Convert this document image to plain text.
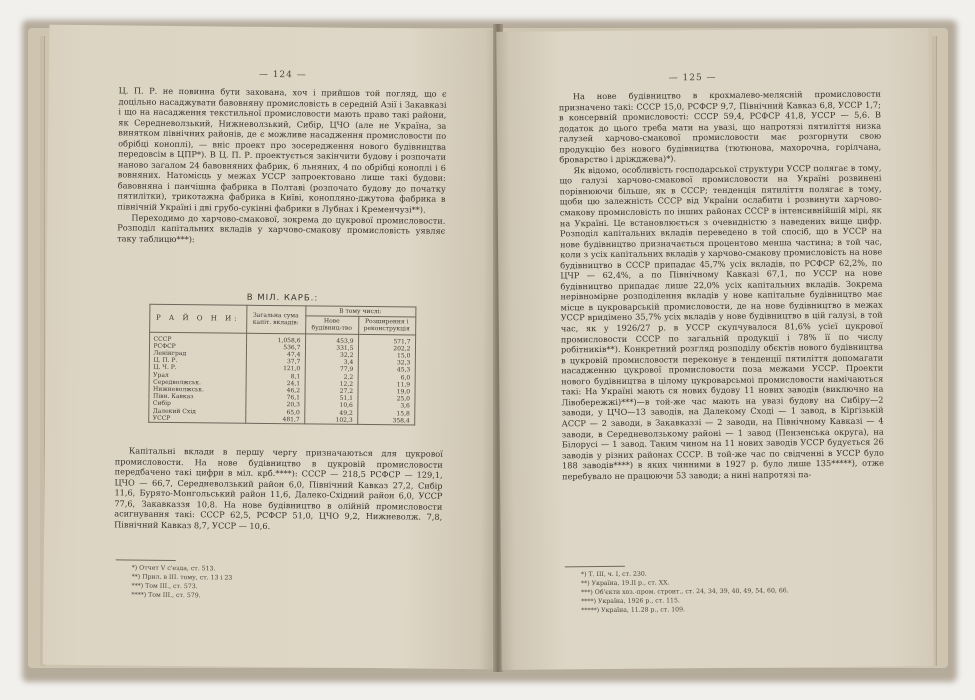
— 124 —

Ц. П. Р. не повинна бути захована, хоч і прийшов той погляд, що є доцільно насаджувати бавовняну промисловість в середній Азії і Закавказі і що на насадження текстильної промисловости мають право такі райони, як Середневолзький, Нижневолзький, Сибір, ЦЧО (але не Україна, за винятком північних районів, де є можливе насадження промисловости по обрібці коноплі), — вніс проект про зосередження нового будівництва передовсім в ЦПР*). В Ц. П. Р. проектується закінчити будову і розпочати наново загалом 24 бавовняних фабрик, 6 льняних, 4 по обрібці коноплі і 6 вовняних. Натомісць у межах УССР запроектовано лише такі будови: бавовняна і панчішна фабрика в Полтаві (розпочато будову до початку пятилітки), трикотажна фабрика в Київі, конопляно-джутова фабрика в північній Україні і дві грубо-сукінні фабрики в Лубнах і Кременчузі**).

Переходимо до харчово-смакової, зокрема до цукрової промисловости. Розподіл капітальних вкладів у харчово-смакову промисловість уявляє таку таблицю***):

В МІЛ. КАРБ.:
Р А Й О Н И:	Загальна сума капіт. вкладів:	В тому числі:	
		Нове будівниц-тво	Розширення і реконструкція
СССР	1,058,6	453,9	571,7
РСФСР	536,7	331,5	202,2
Ленінград	47,4	32,2	15,0
Ц. П. Р.	37,7	3,4	32,3
Ц. Ч. Р.	121,0	77,9	45,3
Урал	8,1	2,2	6,0
Середволжськ.	24,1	12,2	11,9
Нижневолжськ.	46,2	27,2	19,0
Півн. Кавказ	76,1	51,1	25,0
Сибір	20,3	10,6	3,6
Далекий Схід	65,0	49,2	15,8
УССР	481,7	102,3	358,4

Капітальні вклади в першу чергу призначаються для цукрової промисловости. На нове будівництво в цукровій промисловости передбачено такі цифри в міл. крб.****): СССР — 218,5 РСФСР — 129,1, ЦЧО — 66,7, Середневолзький район 6,0, Північний Кавказ 27,2, Сибір 11,6, Бурято-Монгольський район 11,6, Далеко-Східний район 6,0, УССР 77,6, Закавказзя 10,8. На нове будівництво в олійній промисловости асигнування такі: СССР 62,5, РСФСР 51,0, ЦЧО 9,2, Нижневолж. 7,8, Північний Кавказ 8,7, УССР — 10,6.

*) Отчет V с'езда, ст. 513.
**) Прил. в III. тому, ст. 13 і 23
***) Том III., ст. 573.
****) Том III., ст. 579.
— 125 —

На нове будівництво в крохмалево-мелясній промисловости призначено такі: СССР 15,0, РСФСР 9,7, Північний Кавказ 6,8, УССР 1,7; в консервній промисловості: СССР 59,4, РСФСР 41,8, УССР — 5,6. В додаток до цього треба мати на увазі, що напротязі пятиліття низка галузей харчово-смакової промисловости має розгорнути свою продукцію без нового будівництва (тютюнова, махорочна, горілчана, броварство і дріжджева)*).

Як відомо, особливість господарської структури УССР полягає в тому, що галузі харчово-смакової промисловости на Україні розвинені порівнюючи більше, як в СССР; тенденція пятиліття полягає в тому, щоби цю залежність СССР від України ослабити і розвинути харчово-смакову промисловість по інших районах СССР в інтенсивнійшій мірі, як на Україні. Це встановлюється з очевидністю з наведених вище цифр. Розподіл капітальних вкладів переведено в той спосіб, що в УССР на нове будівництво призначається процентово менша частина; в той час, коли з усіх капітальних вкладів у харчово-смакову промисловість на нове будівництво в СССР припадає 45,7% усіх вкладів, по РСФСР 62,2%, по ЦЧР — 62,4%, а по Північному Кавказі 67,1, по УССР на нове будівництво припадає лише 22,0% усіх капітальних вкладів. Зокрема нерівномірне розподілення вкладів у нове капітальне будівництво має місце в цукроварській промисловости, де на нове будівництво в межах УССР вридімено 35,7% усіх вкладів у нове будівництво в цій галузі, в той час, як у 1926/27 р. в УССР скупчувалося 81,6% усієї цукрової промисловости СССР по загальній продукції і 78% її по числу робітників**). Конкретний розгляд розподілу обєктів нового будівництва в цукровій промисловости переконує в тенденції пятиліття допомагати насадженню цукрової промисловости поза межами УССР. Проекти нового будівництва в цілому цукроварсьмоі промисловости намічаються такі: На Україні мають ся нових будову 11 нових заводів (виключно на Лівобережжі)***)—в той-же час мають на увазі будову на Сибіру—2 заводи, у ЦЧО—13 заводів, на Далекому Сході — 1 завод, в Кіргізькій АССР — 2 заводи, в Закавказзі — 2 заводи, на Північному Кавказі — 4 заводи, в Середневолзькому районі — 1 завод (Пензенська округа), на Білорусі — 1 завод. Таким чином на 11 нових заводів УССР будується 26 заводів у різних районах СССР. В той-же час по свідченні в УССР було 188 заводів****) в яких чинними в 1927 р. було лише 135*****), отже перебувало не працюючи 53 заводи; а нині напротязі па-

*) Т. III, ч. I, ст. 230.
**) Україна, 19.II р., ст. XX.
***) Об'єкти хоз.-пром. строит., ст. 24, 34, 39, 40, 49, 54, 60, 66.
****) Україна, 1926 р., ст. 115.
*****) Україна, 11.28 р., ст. 109.
